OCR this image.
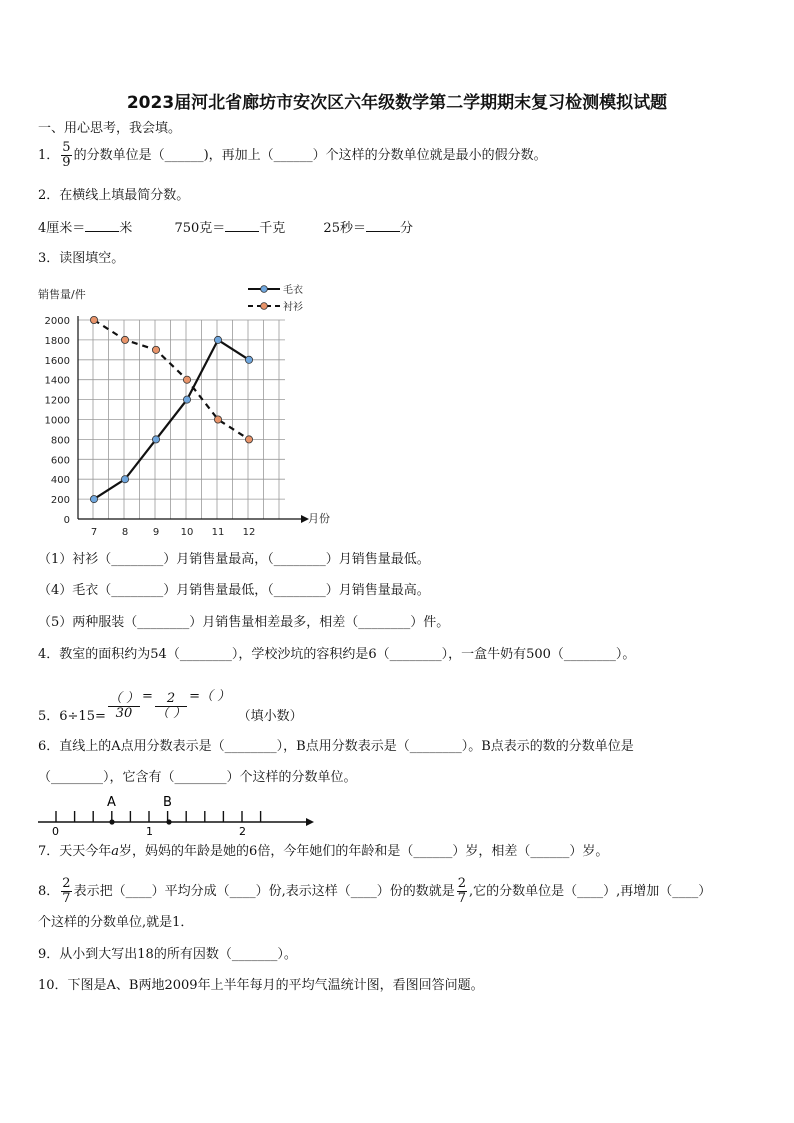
2023届河北省廊坊市安次区六年级数学第二学期期末复习检测模拟试题
一、用心思考，我会填。
1． $\frac{5}{9}$ 的分数单位是（______)，再加上（______）个这样的分数单位就是最小的假分数。
2．在横线上填最简分数。
4厘米＝	米	750克＝	千克	25秒＝	分
3．读图填空。
0
200
400
600
800
1000
1200
1400
1600
1800
2000
7 8 9 10 11 12
毛衣
衬衫
销售量/件
月份
（1）衬衫（________）月销售量最高，（________）月销售量最低。
（4）毛衣（________）月销售量最低，（________）月销售量最高。
（5）两种服装（________）月销售量相差最多，相差（________）件。
4．教室的面积约为54（________），学校沙坑的容积约是6（________），一盒牛奶有500（________）。
5．$6\div 15= \frac{( )}{30} = \frac{2}{( )}$ =（ ）（填小数）
6．直线上的A点用分数表示是（________），B点用分数表示是（________）。B点表示的数的分数单位是
（________），它含有（________）个这样的分数单位。
A	B
0	1	2
7．天天今年a岁，妈妈的年龄是她的6倍，今年她们的年龄和是（______）岁，相差（______）岁。
8． $\frac{2}{7}$ 表示把（____）平均分成（____）份,表示这样（____）份的数就是 $\frac{2}{7}$ ,它的分数单位是（____）,再增加（____）
个这样的分数单位,就是1．
9．从小到大写出18的所有因数（_______）。
10．下图是A、B两地2009年上半年每月的平均气温统计图，看图回答问题。
